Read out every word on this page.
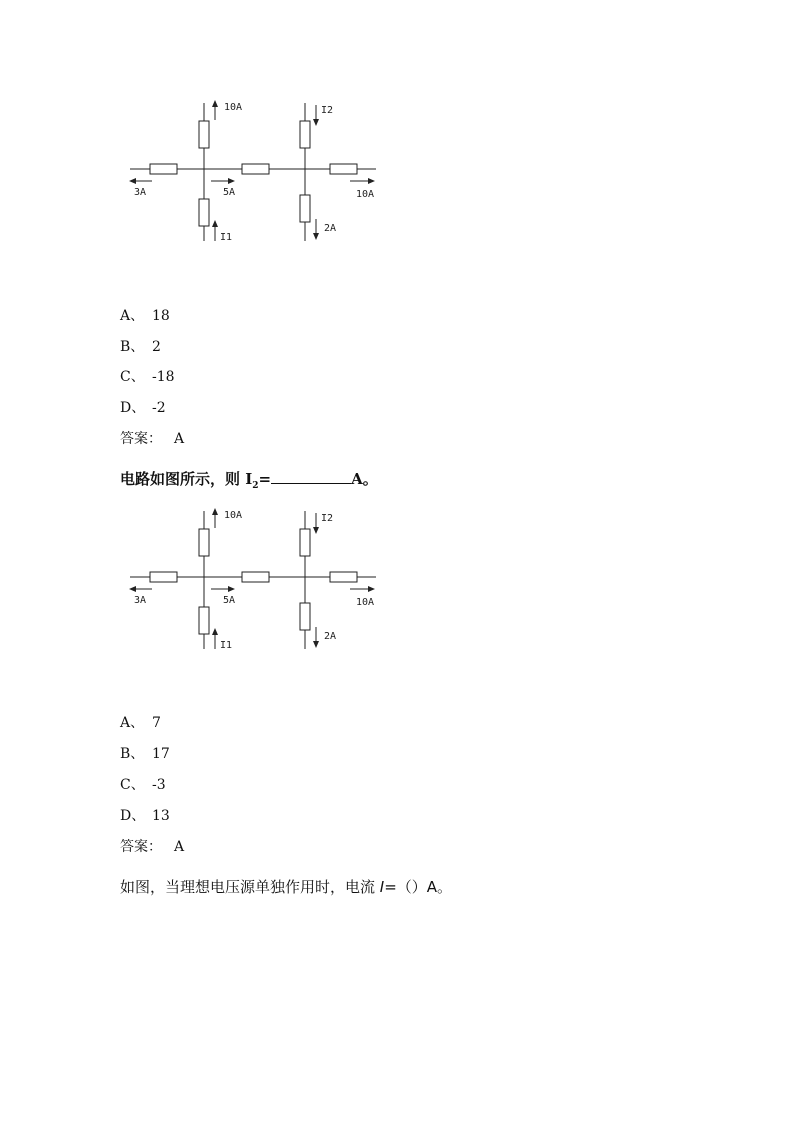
10A	I2
3A	5A	10A
I1
2A
A、 18
B、 2
C、 -18
D、 -2
答案： A
电路如图所示，则 $I_2=$	A。
10A	I2
3A	5A	10A
I1
2A
A、 7
B、 17
C、 -3
D、 13
答案： A
如图，当理想电压源单独作用时，电流 I=（）A。
